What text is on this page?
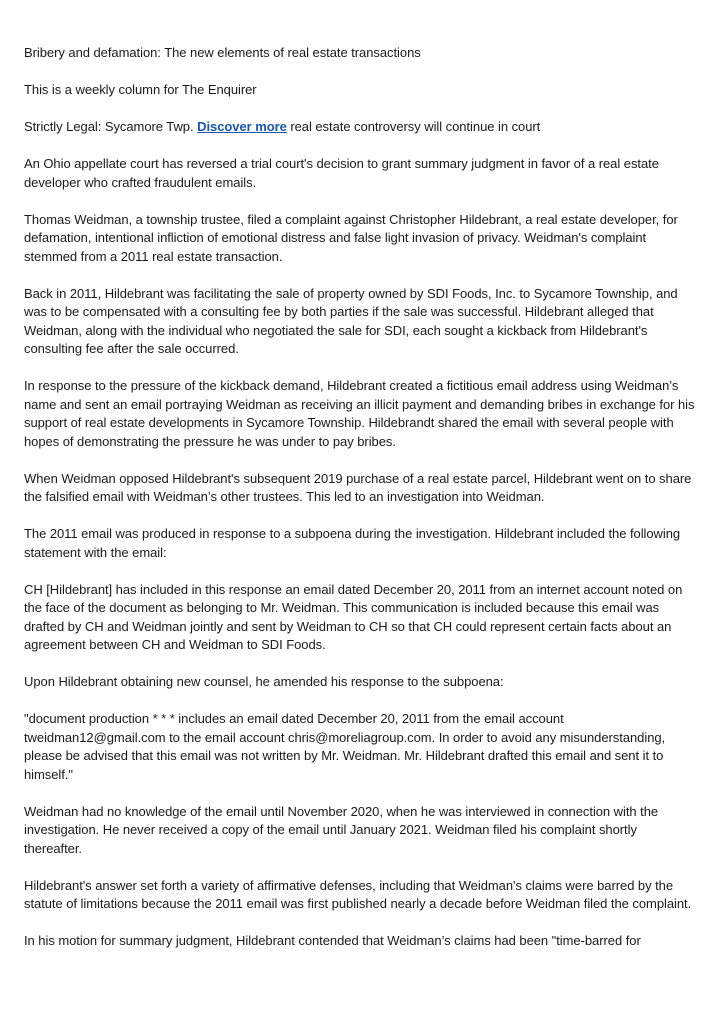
Bribery and defamation: The new elements of real estate transactions

This is a weekly column for The Enquirer

Strictly Legal: Sycamore Twp. Discover more real estate controversy will continue in court

An Ohio appellate court has reversed a trial court's decision to grant summary judgment in favor of a real estate developer who crafted fraudulent emails.

Thomas Weidman, a township trustee, filed a complaint against Christopher Hildebrant, a real estate developer, for defamation, intentional infliction of emotional distress and false light invasion of privacy. Weidman's complaint stemmed from a 2011 real estate transaction.

Back in 2011, Hildebrant was facilitating the sale of property owned by SDI Foods, Inc. to Sycamore Township, and was to be compensated with a consulting fee by both parties if the sale was successful. Hildebrant alleged that Weidman, along with the individual who negotiated the sale for SDI, each sought a kickback from Hildebrant's consulting fee after the sale occurred.

In response to the pressure of the kickback demand, Hildebrant created a fictitious email address using Weidman’s name and sent an email portraying Weidman as receiving an illicit payment and demanding bribes in exchange for his support of real estate developments in Sycamore Township. Hildebrandt shared the email with several people with hopes of demonstrating the pressure he was under to pay bribes.

When Weidman opposed Hildebrant's subsequent 2019 purchase of a real estate parcel, Hildebrant went on to share the falsified email with Weidman’s other trustees. This led to an investigation into Weidman.

The 2011 email was produced in response to a subpoena during the investigation. Hildebrant included the following statement with the email:

CH [Hildebrant] has included in this response an email dated December 20, 2011 from an internet account noted on the face of the document as belonging to Mr. Weidman. This communication is included because this email was drafted by CH and Weidman jointly and sent by Weidman to CH so that CH could represent certain facts about an agreement between CH and Weidman to SDI Foods.

Upon Hildebrant obtaining new counsel, he amended his response to the subpoena:

"document production * * * includes an email dated December 20, 2011 from the email account tweidman12@gmail.com to the email account chris@moreliagroup.com. In order to avoid any misunderstanding, please be advised that this email was not written by Mr. Weidman. Mr. Hildebrant drafted this email and sent it to himself."

Weidman had no knowledge of the email until November 2020, when he was interviewed in connection with the investigation. He never received a copy of the email until January 2021. Weidman filed his complaint shortly thereafter.

Hildebrant's answer set forth a variety of affirmative defenses, including that Weidman's claims were barred by the statute of limitations because the 2011 email was first published nearly a decade before Weidman filed the complaint.

In his motion for summary judgment, Hildebrant contended that Weidman’s claims had been "time-barred for
